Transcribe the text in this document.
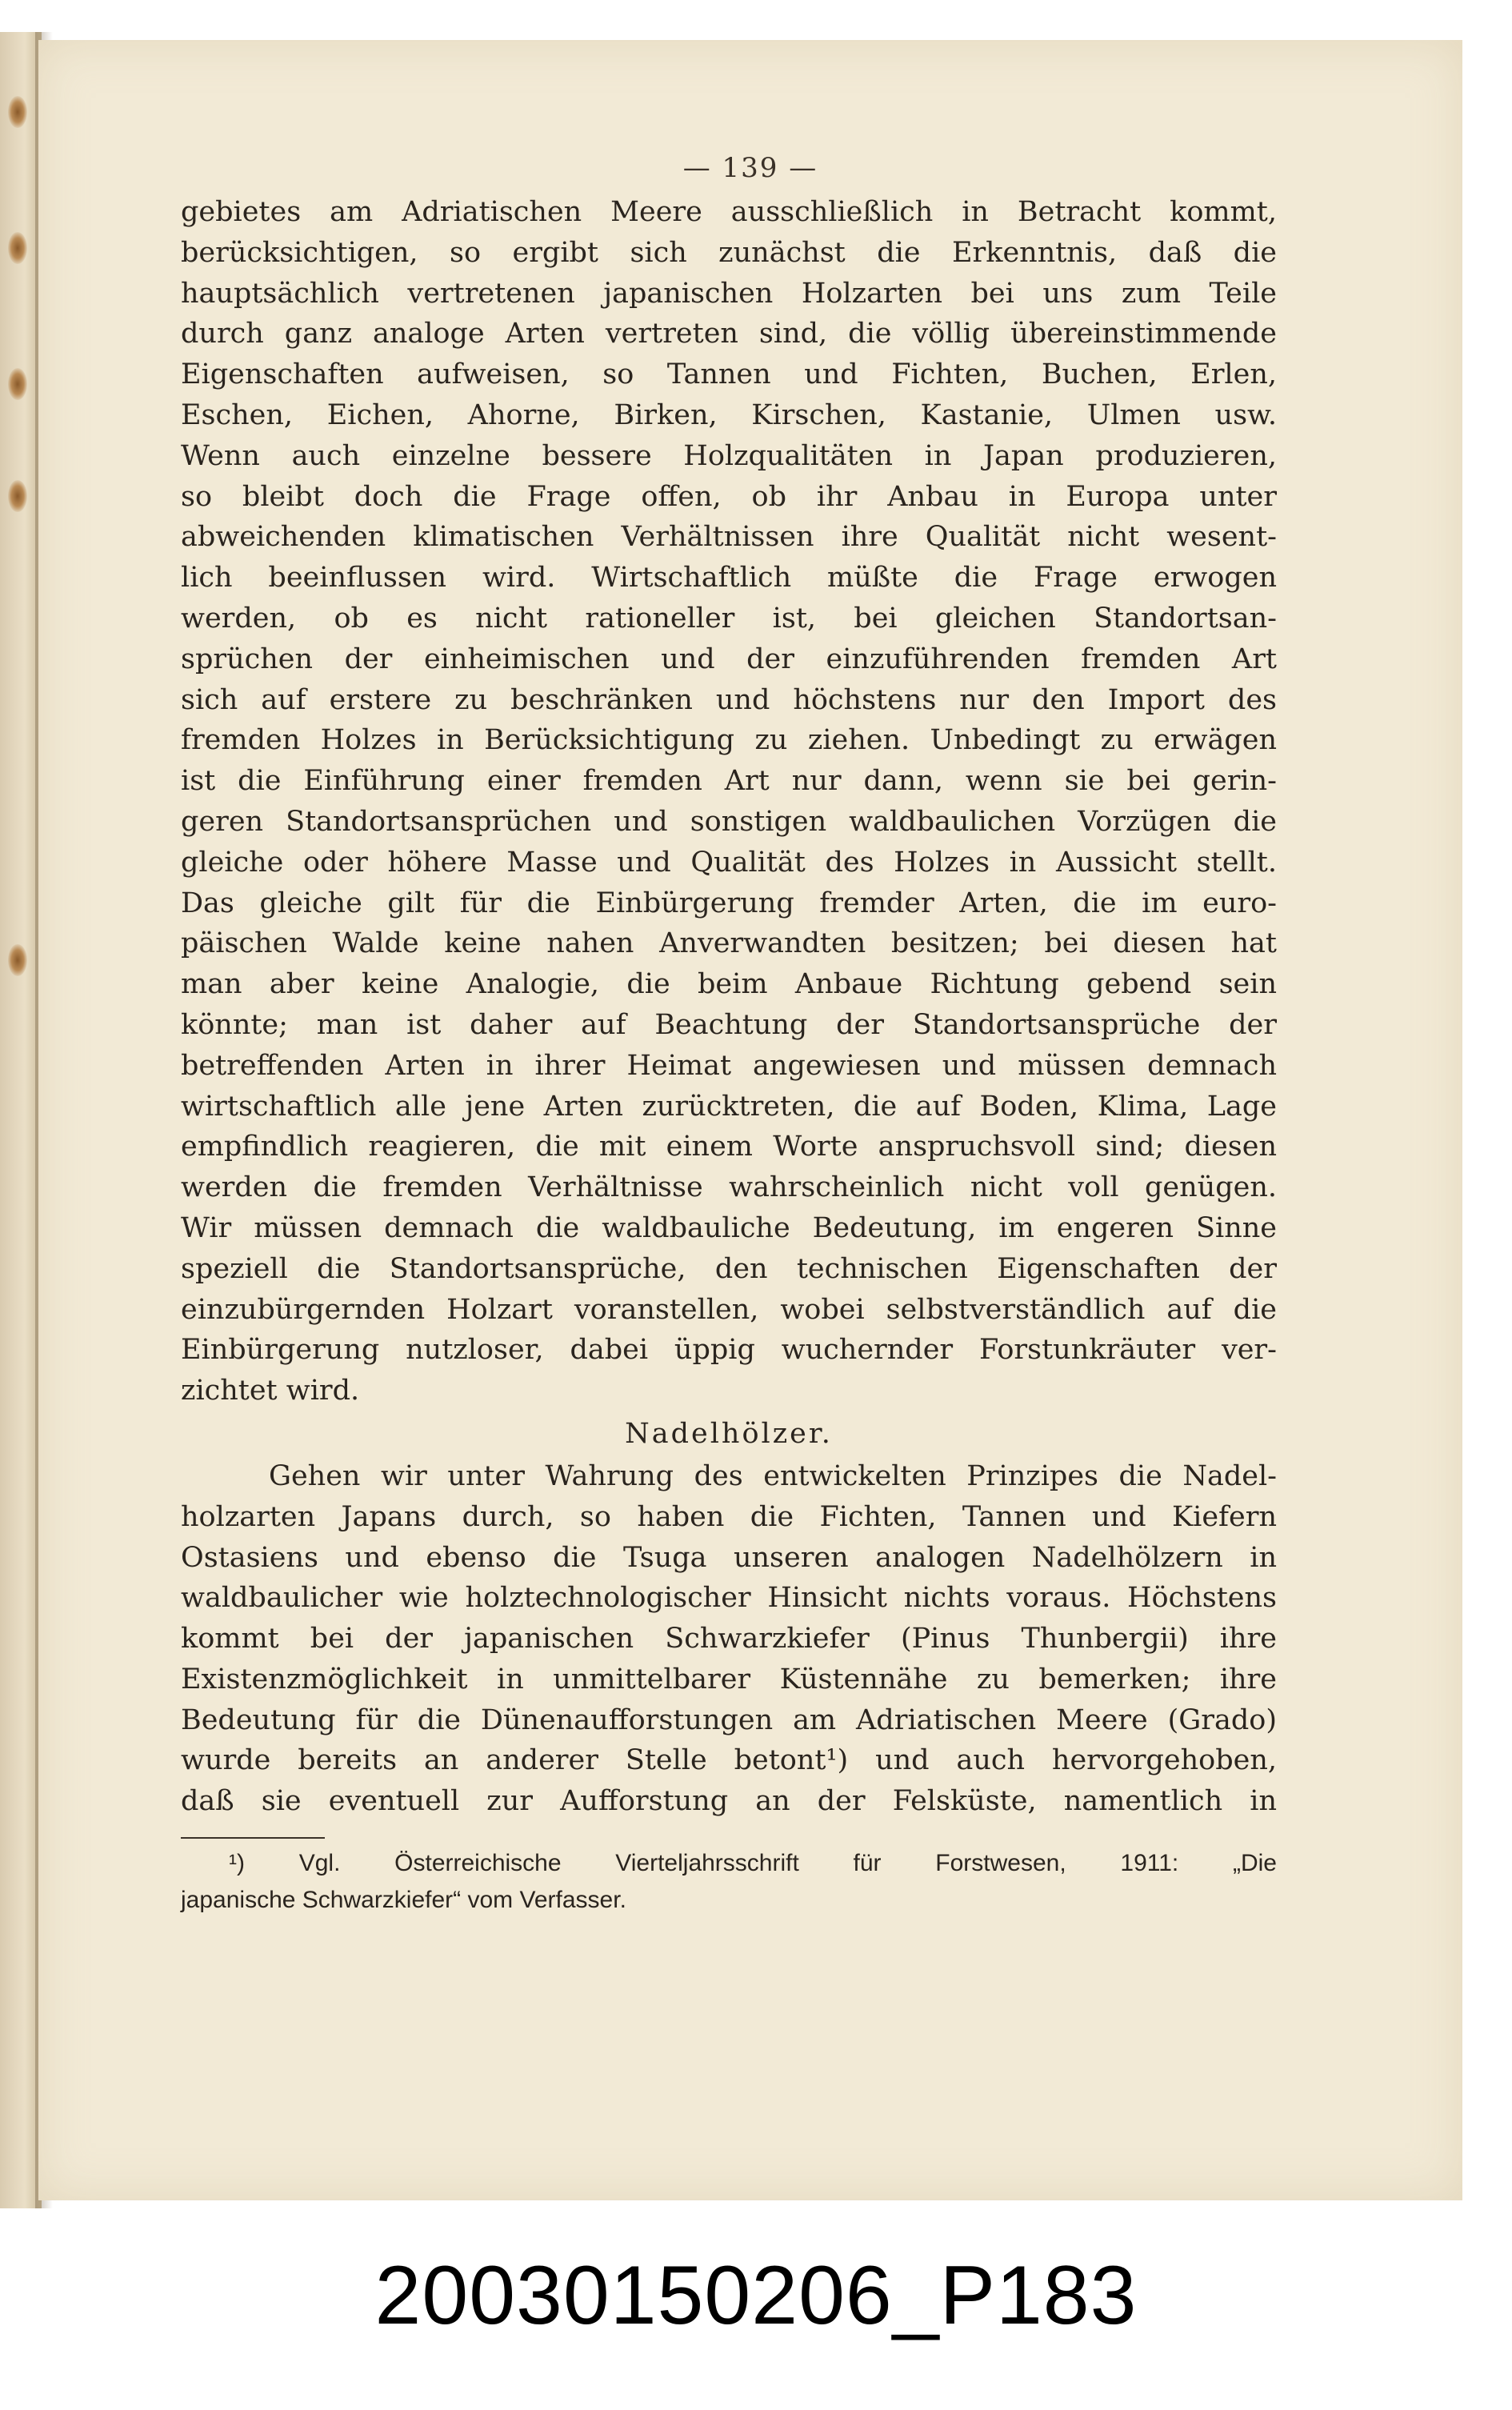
— 139 —
gebietes am Adriatischen Meere ausschließlich in Betracht kommt,
berücksichtigen, so ergibt sich zunächst die Erkenntnis, daß die
hauptsächlich vertretenen japanischen Holzarten bei uns zum Teile
durch ganz analoge Arten vertreten sind, die völlig übereinstimmende
Eigenschaften aufweisen, so Tannen und Fichten, Buchen, Erlen,
Eschen, Eichen, Ahorne, Birken, Kirschen, Kastanie, Ulmen usw.
Wenn auch einzelne bessere Holzqualitäten in Japan produzieren,
so bleibt doch die Frage offen, ob ihr Anbau in Europa unter
abweichenden klimatischen Verhältnissen ihre Qualität nicht wesent-
lich beeinflussen wird. Wirtschaftlich müßte die Frage erwogen
werden, ob es nicht rationeller ist, bei gleichen Standortsan-
sprüchen der einheimischen und der einzuführenden fremden Art
sich auf erstere zu beschränken und höchstens nur den Import des
fremden Holzes in Berücksichtigung zu ziehen. Unbedingt zu erwägen
ist die Einführung einer fremden Art nur dann, wenn sie bei gerin-
geren Standortsansprüchen und sonstigen waldbaulichen Vorzügen die
gleiche oder höhere Masse und Qualität des Holzes in Aussicht stellt.
Das gleiche gilt für die Einbürgerung fremder Arten, die im euro-
päischen Walde keine nahen Anverwandten besitzen; bei diesen hat
man aber keine Analogie, die beim Anbaue Richtung gebend sein
könnte; man ist daher auf Beachtung der Standortsansprüche der
betreffenden Arten in ihrer Heimat angewiesen und müssen demnach
wirtschaftlich alle jene Arten zurücktreten, die auf Boden, Klima, Lage
empfindlich reagieren, die mit einem Worte anspruchsvoll sind; diesen
werden die fremden Verhältnisse wahrscheinlich nicht voll genügen.
Wir müssen demnach die waldbauliche Bedeutung, im engeren Sinne
speziell die Standortsansprüche, den technischen Eigenschaften der
einzubürgernden Holzart voranstellen, wobei selbstverständlich auf die
Einbürgerung nutzloser, dabei üppig wuchernder Forstunkräuter ver-
zichtet wird.
Nadelhölzer.
Gehen wir unter Wahrung des entwickelten Prinzipes die Nadel-
holzarten Japans durch, so haben die Fichten, Tannen und Kiefern
Ostasiens und ebenso die Tsuga unseren analogen Nadelhölzern in
waldbaulicher wie holztechnologischer Hinsicht nichts voraus. Höchstens
kommt bei der japanischen Schwarzkiefer (Pinus Thunbergii) ihre
Existenzmöglichkeit in unmittelbarer Küstennähe zu bemerken; ihre
Bedeutung für die Dünenaufforstungen am Adriatischen Meere (Grado)
wurde bereits an anderer Stelle betont¹) und auch hervorgehoben,
daß sie eventuell zur Aufforstung an der Felsküste, namentlich in
¹) Vgl. Österreichische Vierteljahrsschrift für Forstwesen, 1911: „Die
japanische Schwarzkiefer“ vom Verfasser.
20030150206_P183
